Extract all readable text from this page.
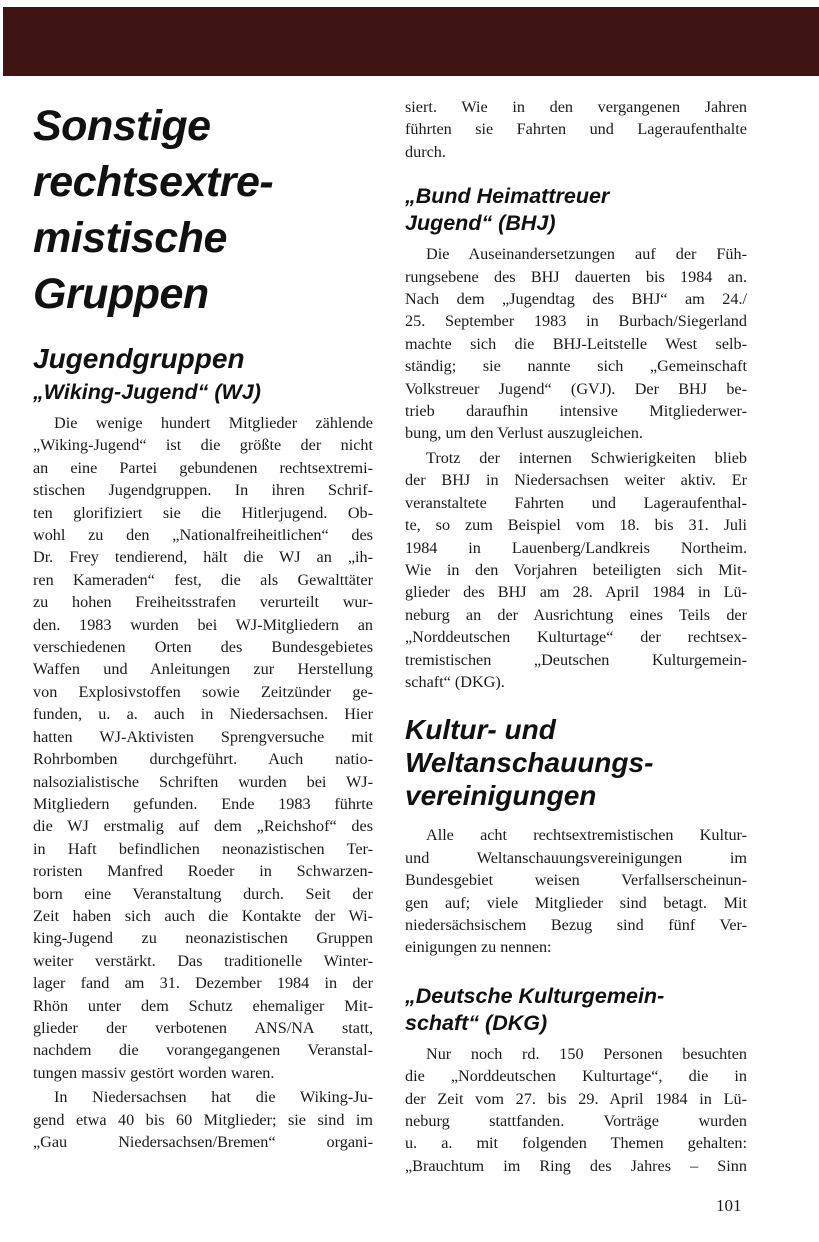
Sonstige
rechtsextre-
mistische
Gruppen
Jugendgruppen
„Wiking-Jugend“ (WJ)
Die wenige hundert Mitglieder zählende
„Wiking-Jugend“ ist die größte der nicht
an eine Partei gebundenen rechtsextremi-
stischen Jugendgruppen. In ihren Schrif-
ten glorifiziert sie die Hitlerjugend. Ob-
wohl zu den „Nationalfreiheitlichen“ des
Dr. Frey tendierend, hält die WJ an „ih-
ren Kameraden“ fest, die als Gewalttäter
zu hohen Freiheitsstrafen verurteilt wur-
den. 1983 wurden bei WJ-Mitgliedern an
verschiedenen Orten des Bundesgebietes
Waffen und Anleitungen zur Herstellung
von Explosivstoffen sowie Zeitzünder ge-
funden, u. a. auch in Niedersachsen. Hier
hatten WJ-Aktivisten Sprengversuche mit
Rohrbomben durchgeführt. Auch natio-
nalsozialistische Schriften wurden bei WJ-
Mitgliedern gefunden. Ende 1983 führte
die WJ erstmalig auf dem „Reichshof“ des
in Haft befindlichen neonazistischen Ter-
roristen Manfred Roeder in Schwarzen-
born eine Veranstaltung durch. Seit der
Zeit haben sich auch die Kontakte der Wi-
king-Jugend zu neonazistischen Gruppen
weiter verstärkt. Das traditionelle Winter-
lager fand am 31. Dezember 1984 in der
Rhön unter dem Schutz ehemaliger Mit-
glieder der verbotenen ANS/NA statt,
nachdem die vorangegangenen Veranstal-
tungen massiv gestört worden waren.
In Niedersachsen hat die Wiking-Ju-
gend etwa 40 bis 60 Mitglieder; sie sind im
„Gau Niedersachsen/Bremen“ organi-
siert. Wie in den vergangenen Jahren
führten sie Fahrten und Lageraufenthalte
durch.
„Bund Heimattreuer
Jugend“ (BHJ)
Die Auseinandersetzungen auf der Füh-
rungsebene des BHJ dauerten bis 1984 an.
Nach dem „Jugendtag des BHJ“ am 24./
25. September 1983 in Burbach/Siegerland
machte sich die BHJ-Leitstelle West selb-
ständig; sie nannte sich „Gemeinschaft
Volkstreuer Jugend“ (GVJ). Der BHJ be-
trieb daraufhin intensive Mitgliederwer-
bung, um den Verlust auszugleichen.
Trotz der internen Schwierigkeiten blieb
der BHJ in Niedersachsen weiter aktiv. Er
veranstaltete Fahrten und Lageraufenthal-
te, so zum Beispiel vom 18. bis 31. Juli
1984 in Lauenberg/Landkreis Northeim.
Wie in den Vorjahren beteiligten sich Mit-
glieder des BHJ am 28. April 1984 in Lü-
neburg an der Ausrichtung eines Teils der
„Norddeutschen Kulturtage“ der rechtsex-
tremistischen „Deutschen Kulturgemein-
schaft“ (DKG).
Kultur- und
Weltanschauungs-
vereinigungen
Alle acht rechtsextremistischen Kultur-
und Weltanschauungsvereinigungen im
Bundesgebiet weisen Verfallserscheinun-
gen auf; viele Mitglieder sind betagt. Mit
niedersächsischem Bezug sind fünf Ver-
einigungen zu nennen:
„Deutsche Kulturgemein-
schaft“ (DKG)
Nur noch rd. 150 Personen besuchten
die „Norddeutschen Kulturtage“, die in
der Zeit vom 27. bis 29. April 1984 in Lü-
neburg stattfanden. Vorträge wurden
u. a. mit folgenden Themen gehalten:
„Brauchtum im Ring des Jahres – Sinn
101
